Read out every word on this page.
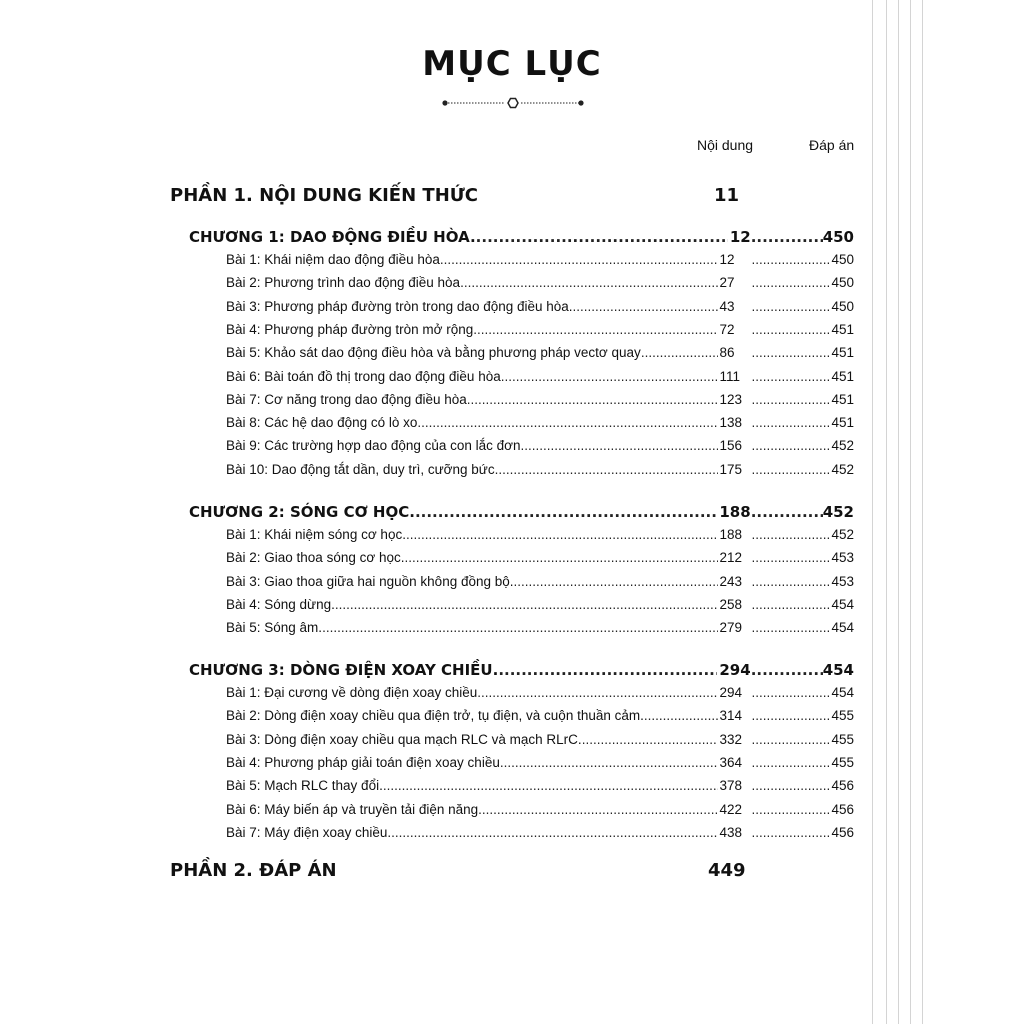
MỤC LỤC
Nội dung	Đáp án
PHẦN 1. NỘI DUNG KIẾN THỨC	11
CHƯƠNG 1: DAO ĐỘNG ĐIỀU HÒA. .....	12 .....	450
Bài 1: Khái niệm dao động điều hòa .....	12 .....	450
Bài 2: Phương trình dao động điều hòa .....	27 .....	450
Bài 3: Phương pháp đường tròn trong dao động điều hòa. .....	43 .....	450
Bài 4: Phương pháp đường tròn mở rộng .....	72 .....	451
Bài 5: Khảo sát dao động điều hòa và bằng phương pháp vectơ quay .....	86 .....	451
Bài 6: Bài toán đồ thị trong dao động điều hòa .....	111 .....	451
Bài 7: Cơ năng trong dao động điều hòa .....	123 .....	451
Bài 8: Các hệ dao động có lò xo .....	138 .....	451
Bài 9: Các trường hợp dao động của con lắc đơn .....	156 .....	452
Bài 10: Dao động tắt dần, duy trì, cưỡng bức .....	175 .....	452
CHƯƠNG 2: SÓNG CƠ HỌC. .....	188 .....	452
Bài 1: Khái niệm sóng cơ học. .....	188 .....	452
Bài 2: Giao thoa sóng cơ học. .....	212 .....	453
Bài 3: Giao thoa giữa hai nguồn không đồng bộ. .....	243 .....	453
Bài 4: Sóng dừng. .....	258 .....	454
Bài 5: Sóng âm. .....	279 .....	454
CHƯƠNG 3: DÒNG ĐIỆN XOAY CHIỀU. .....	294 .....	454
Bài 1: Đại cương về dòng điện xoay chiều .....	294 .....	454
Bài 2: Dòng điện xoay chiều qua điện trở, tụ điện, và cuộn thuần cảm. .....	314 .....	455
Bài 3: Dòng điện xoay chiều qua mạch RLC và mạch RLrC. .....	332 .....	455
Bài 4: Phương pháp giải toán điện xoay chiều .....	364 .....	455
Bài 5: Mạch RLC thay đổi. .....	378 .....	456
Bài 6: Máy biến áp và truyền tải điện năng .....	422 .....	456
Bài 7: Máy điện xoay chiều. .....	438 .....	456
PHẦN 2. ĐÁP ÁN	449
